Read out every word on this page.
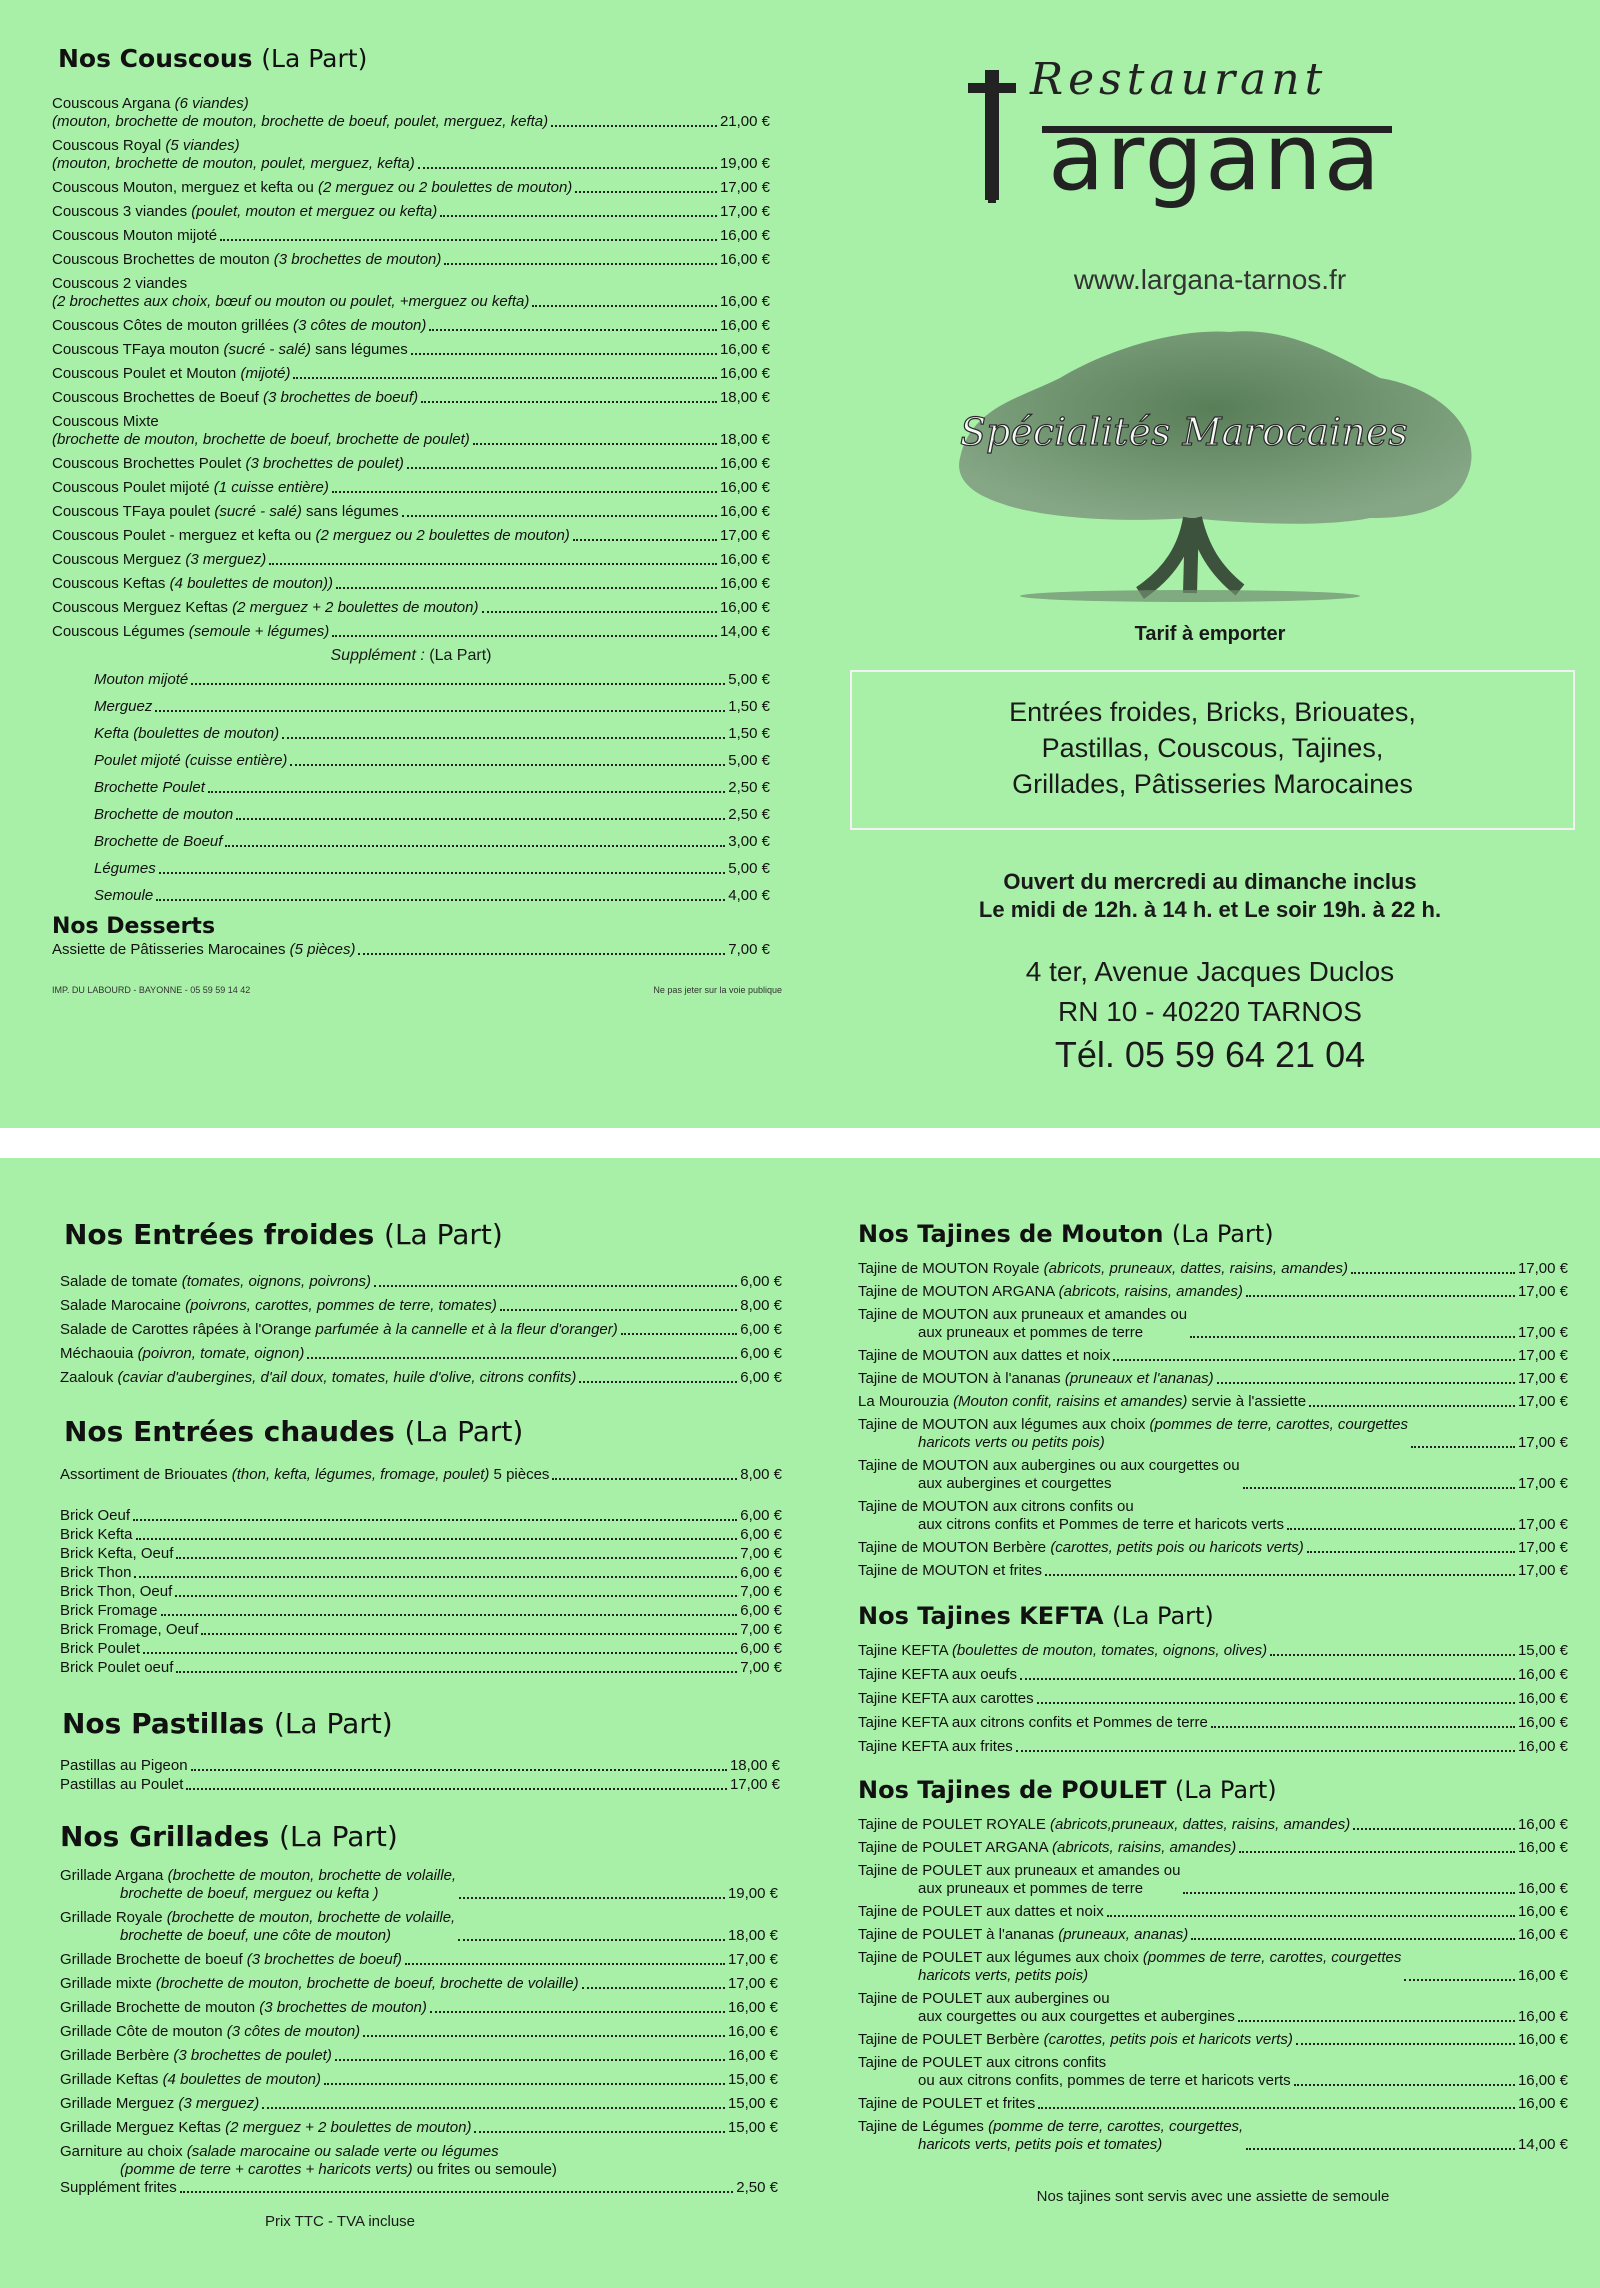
Nos Couscous (La Part)
Couscous Argana (6 viandes)
(mouton, brochette de mouton, brochette de boeuf, poulet, merguez, kefta)	21,00 €
Couscous Royal (5 viandes)
(mouton, brochette de mouton, poulet, merguez, kefta)	19,00 €
Couscous Mouton, merguez et kefta ou (2 merguez ou 2 boulettes de mouton)	17,00 €
Couscous 3 viandes (poulet, mouton et merguez ou kefta)	17,00 €
Couscous Mouton mijoté	16,00 €
Couscous Brochettes de mouton (3 brochettes de mouton)	16,00 €
Couscous 2 viandes
(2 brochettes aux choix, bœuf ou mouton ou poulet, +merguez ou kefta)	16,00 €
Couscous Côtes de mouton grillées (3 côtes de mouton)	16,00 €
Couscous TFaya mouton (sucré - salé) sans légumes	16,00 €
Couscous Poulet et Mouton (mijoté)	16,00 €
Couscous Brochettes de Boeuf (3 brochettes de boeuf)	18,00 €
Couscous Mixte
(brochette de mouton, brochette de boeuf, brochette de poulet)	18,00 €
Couscous Brochettes Poulet (3 brochettes de poulet)	16,00 €
Couscous Poulet mijoté (1 cuisse entière)	16,00 €
Couscous TFaya poulet (sucré - salé) sans légumes	16,00 €
Couscous Poulet - merguez et kefta ou (2 merguez ou 2 boulettes de mouton)	17,00 €
Couscous Merguez (3 merguez)	16,00 €
Couscous Keftas (4 boulettes de mouton))	16,00 €
Couscous Merguez Keftas (2 merguez + 2 boulettes de mouton)	16,00 €
Couscous Légumes (semoule + légumes)	14,00 €
Supplément : (La Part)
Mouton mijoté	5,00 €
Merguez	1,50 €
Kefta (boulettes de mouton)	1,50 €
Poulet mijoté (cuisse entière)	5,00 €
Brochette Poulet	2,50 €
Brochette de mouton	2,50 €
Brochette de Boeuf	3,00 €
Légumes	5,00 €
Semoule	4,00 €
Nos Desserts
Assiette de Pâtisseries Marocaines (5 pièces)	7,00 €
IMP. DU LABOURD - BAYONNE - 05 59 59 14 42	Ne pas jeter sur la voie publique
Restaurant
argana
www.largana-tarnos.fr
Spécialités Marocaines
Tarif à emporter
Entrées froides, Bricks, Briouates,
Pastillas, Couscous, Tajines,
Grillades, Pâtisseries Marocaines
Ouvert du mercredi au dimanche inclus
Le midi de 12h. à 14 h. et Le soir 19h. à 22 h.
4 ter, Avenue Jacques Duclos
RN 10 - 40220 TARNOS
Tél. 05 59 64 21 04
Nos Entrées froides (La Part)
Salade de tomate (tomates, oignons, poivrons)	6,00 €
Salade Marocaine (poivrons, carottes, pommes de terre, tomates)	8,00 €
Salade de Carottes râpées à l'Orange parfumée à la cannelle et à la fleur d'oranger)	6,00 €
Méchaouia (poivron, tomate, oignon)	6,00 €
Zaalouk (caviar d'aubergines, d'ail doux, tomates, huile d'olive, citrons confits)	6,00 €
Nos Entrées chaudes (La Part)
Assortiment de Briouates (thon, kefta, légumes, fromage, poulet) 5 pièces	8,00 €
Brick Oeuf	6,00 €
Brick Kefta	6,00 €
Brick Kefta, Oeuf	7,00 €
Brick Thon	6,00 €
Brick Thon, Oeuf	7,00 €
Brick Fromage	6,00 €
Brick Fromage, Oeuf	7,00 €
Brick Poulet	6,00 €
Brick Poulet oeuf	7,00 €
Nos Pastillas (La Part)
Pastillas au Pigeon	18,00 €
Pastillas au Poulet	17,00 €
Nos Grillades (La Part)
Grillade Argana (brochette de mouton, brochette de volaille,
brochette de boeuf, merguez ou kefta )	19,00 €
Grillade Royale (brochette de mouton, brochette de volaille,
brochette de boeuf, une côte de mouton)	18,00 €
Grillade Brochette de boeuf (3 brochettes de boeuf)	17,00 €
Grillade mixte (brochette de mouton, brochette de boeuf, brochette de volaille)	17,00 €
Grillade Brochette de mouton (3 brochettes de mouton)	16,00 €
Grillade Côte de mouton (3 côtes de mouton)	16,00 €
Grillade Berbère (3 brochettes de poulet)	16,00 €
Grillade Keftas (4 boulettes de mouton)	15,00 €
Grillade Merguez (3 merguez)	15,00 €
Grillade Merguez Keftas (2 merguez + 2 boulettes de mouton)	15,00 €
Garniture au choix (salade marocaine ou salade verte ou légumes
(pomme de terre + carottes + haricots verts) ou frites ou semoule)
Supplément frites	2,50 €
Prix TTC - TVA incluse
Nos Tajines de Mouton (La Part)
Tajine de MOUTON Royale (abricots, pruneaux, dattes, raisins, amandes)	17,00 €
Tajine de MOUTON ARGANA (abricots, raisins, amandes)	17,00 €
Tajine de MOUTON aux pruneaux et amandes ou
aux pruneaux et pommes de terre	17,00 €
Tajine de MOUTON aux dattes et noix	17,00 €
Tajine de MOUTON à l'ananas (pruneaux et l'ananas)	17,00 €
La Mourouzia (Mouton confit, raisins et amandes) servie à l'assiette	17,00 €
Tajine de MOUTON aux légumes aux choix (pommes de terre, carottes, courgettes
haricots verts ou petits pois)	17,00 €
Tajine de MOUTON aux aubergines ou aux courgettes ou
aux aubergines et courgettes	17,00 €
Tajine de MOUTON aux citrons confits ou
aux citrons confits et Pommes de terre et haricots verts	17,00 €
Tajine de MOUTON Berbère (carottes, petits pois ou haricots verts)	17,00 €
Tajine de MOUTON et frites	17,00 €
Nos Tajines KEFTA (La Part)
Tajine KEFTA (boulettes de mouton, tomates, oignons, olives)	15,00 €
Tajine KEFTA aux oeufs	16,00 €
Tajine KEFTA aux carottes	16,00 €
Tajine KEFTA aux citrons confits et Pommes de terre	16,00 €
Tajine KEFTA aux frites	16,00 €
Nos Tajines de POULET (La Part)
Tajine de POULET ROYALE (abricots,pruneaux, dattes, raisins, amandes)	16,00 €
Tajine de POULET ARGANA (abricots, raisins, amandes)	16,00 €
Tajine de POULET aux pruneaux et amandes ou
aux pruneaux et pommes de terre	16,00 €
Tajine de POULET aux dattes et noix	16,00 €
Tajine de POULET à l'ananas (pruneaux, ananas)	16,00 €
Tajine de POULET aux légumes aux choix (pommes de terre, carottes, courgettes
haricots verts, petits pois)	16,00 €
Tajine de POULET aux aubergines ou
aux courgettes ou aux courgettes et aubergines	16,00 €
Tajine de POULET Berbère (carottes, petits pois et haricots verts)	16,00 €
Tajine de POULET aux citrons confits
ou aux citrons confits, pommes de terre et haricots verts	16,00 €
Tajine de POULET et frites	16,00 €
Tajine de Légumes (pomme de terre, carottes, courgettes,
haricots verts, petits pois et tomates)	14,00 €
Nos tajines sont servis avec une assiette de semoule
